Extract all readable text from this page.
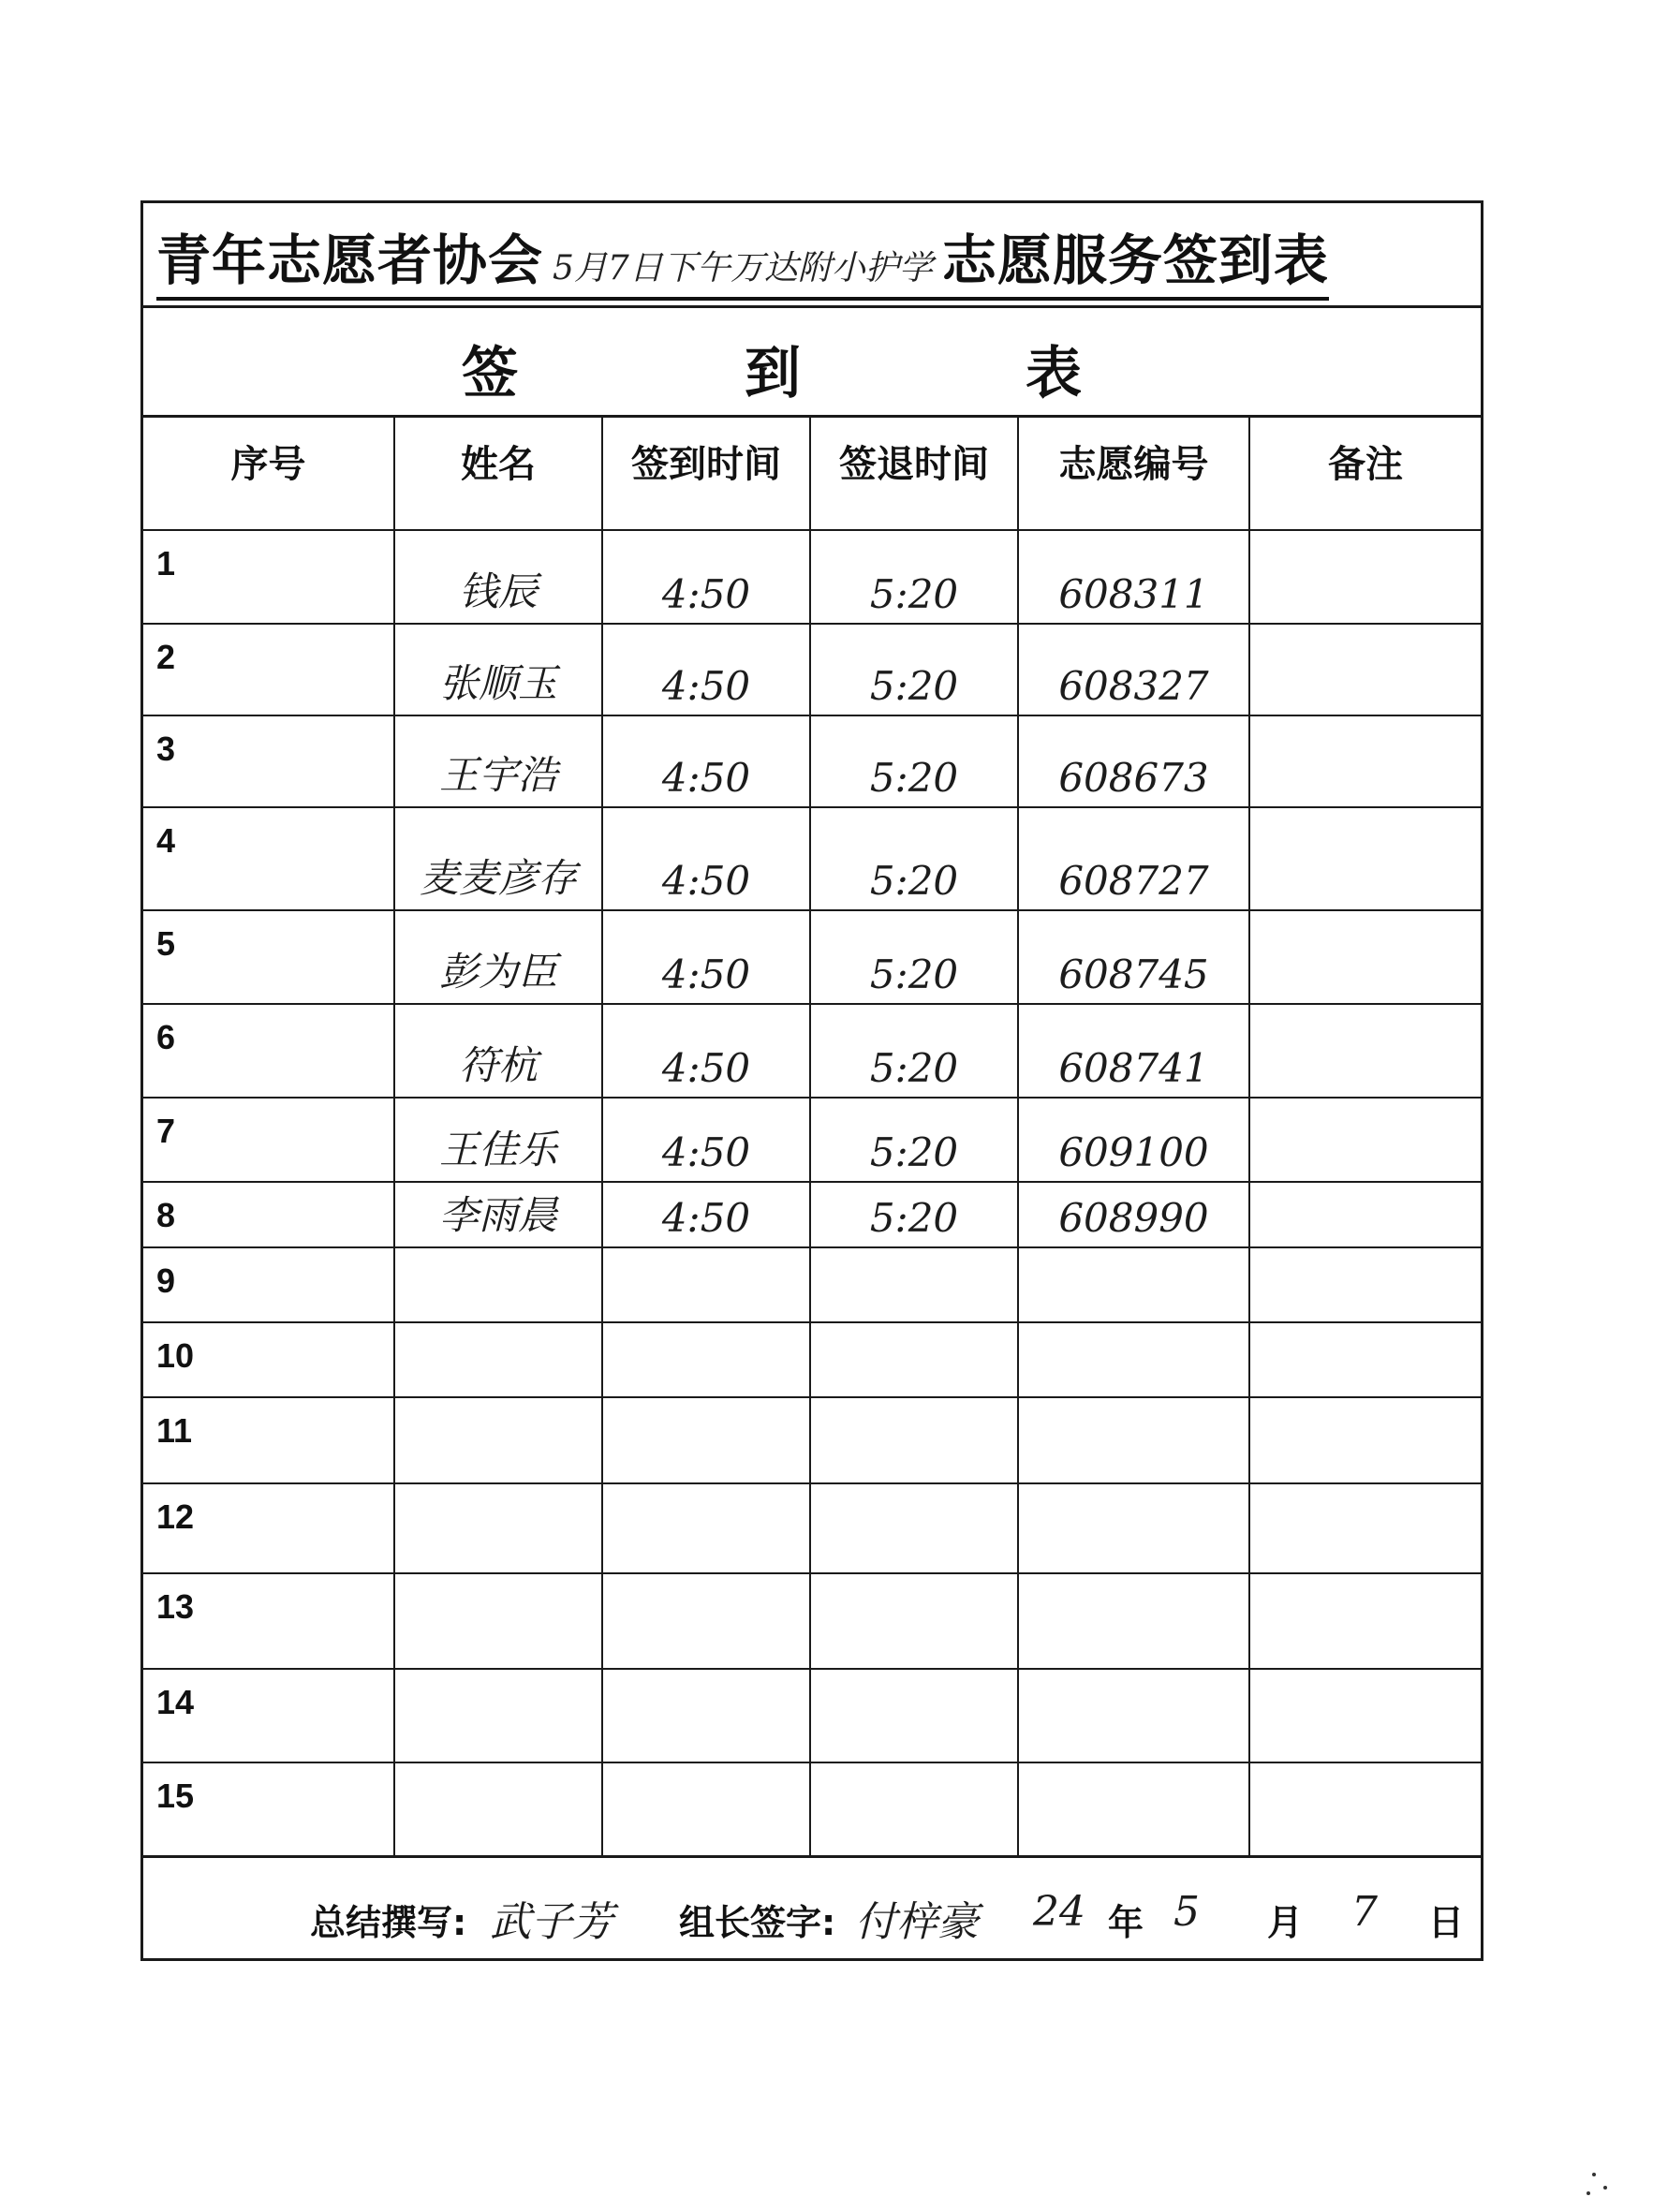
青年志愿者协会 5月7日下午万达附小护学 志愿服务签到表
签	到	表
序号	姓名	签到时间	签退时间	志愿编号	备注

1	钱辰	4:50	5:20	608311	

2	张顺玉	4:50	5:20	608327	

3	王宇浩	4:50	5:20	608673	

4	麦麦彦存	4:50	5:20	608727	

5	彭为臣	4:50	5:20	608745	

6	符杭	4:50	5:20	608741	

7	王佳乐	4:50	5:20	609100	

8	李雨晨	4:50	5:20	608990	

9					

10					

11					

12					

13					

14					

15					

总结撰写: 武子芳 组长签字: 付梓豪 24 年 5 月 7 日
